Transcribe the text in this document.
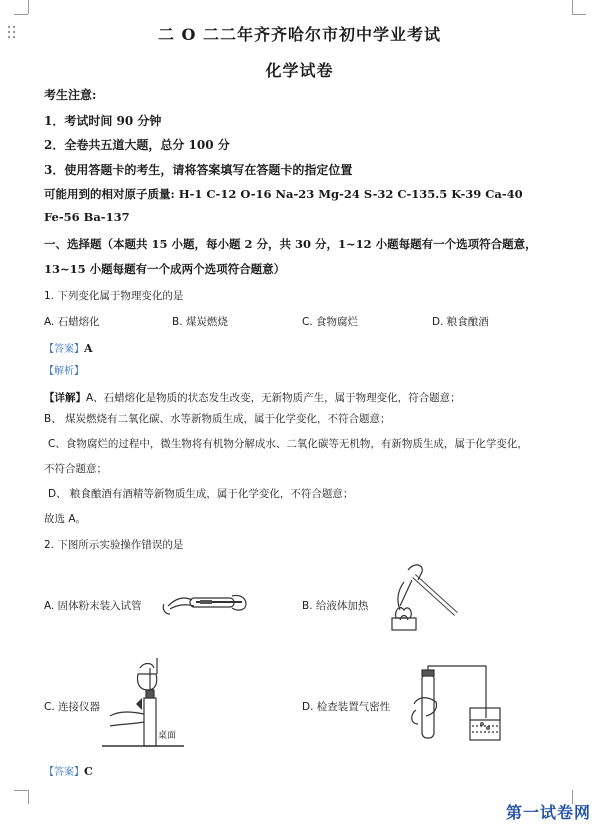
二 O 二二年齐齐哈尔市初中学业考试
化学试卷
考生注意:
1．考试时间 90 分钟
2．全卷共五道大题，总分 100 分
3．使用答题卡的考生，请将答案填写在答题卡的指定位置
可能用到的相对原子质量: H-1 C-12 O-16 Na-23 Mg-24 S-32 C-135.5 K-39 Ca-40
Fe-56 Ba-137
一、选择题（本题共 15 小题，每小题 2 分，共 30 分，1~12 小题每题有一个选项符合题意，
13~15 小题每题有一个成两个选项符合题意）
1. 下列变化属于物理变化的是
A. 石蜡熔化	B. 煤炭燃烧	C. 食物腐烂	D. 粮食酿酒
【答案】A
【解析】
【详解】A、石蜡熔化是物质的状态发生改变，无新物质产生，属于物理变化，符合题意；
B、 煤炭燃烧有二氧化碳、水等新物质生成，属于化学变化，不符合题意；
C、食物腐烂的过程中，微生物将有机物分解成水、二氧化碳等无机物，有新物质生成，属于化学变化，
不符合题意；
D、 粮食酿酒有酒精等新物质生成，属于化学变化，不符合题意；
故选 A。
2. 下图所示实验操作错误的是
A. 固体粉末装入试管	B. 给液体加热
C. 连接仪器
桌面
D. 检查装置气密性
【答案】C
第一试卷网
